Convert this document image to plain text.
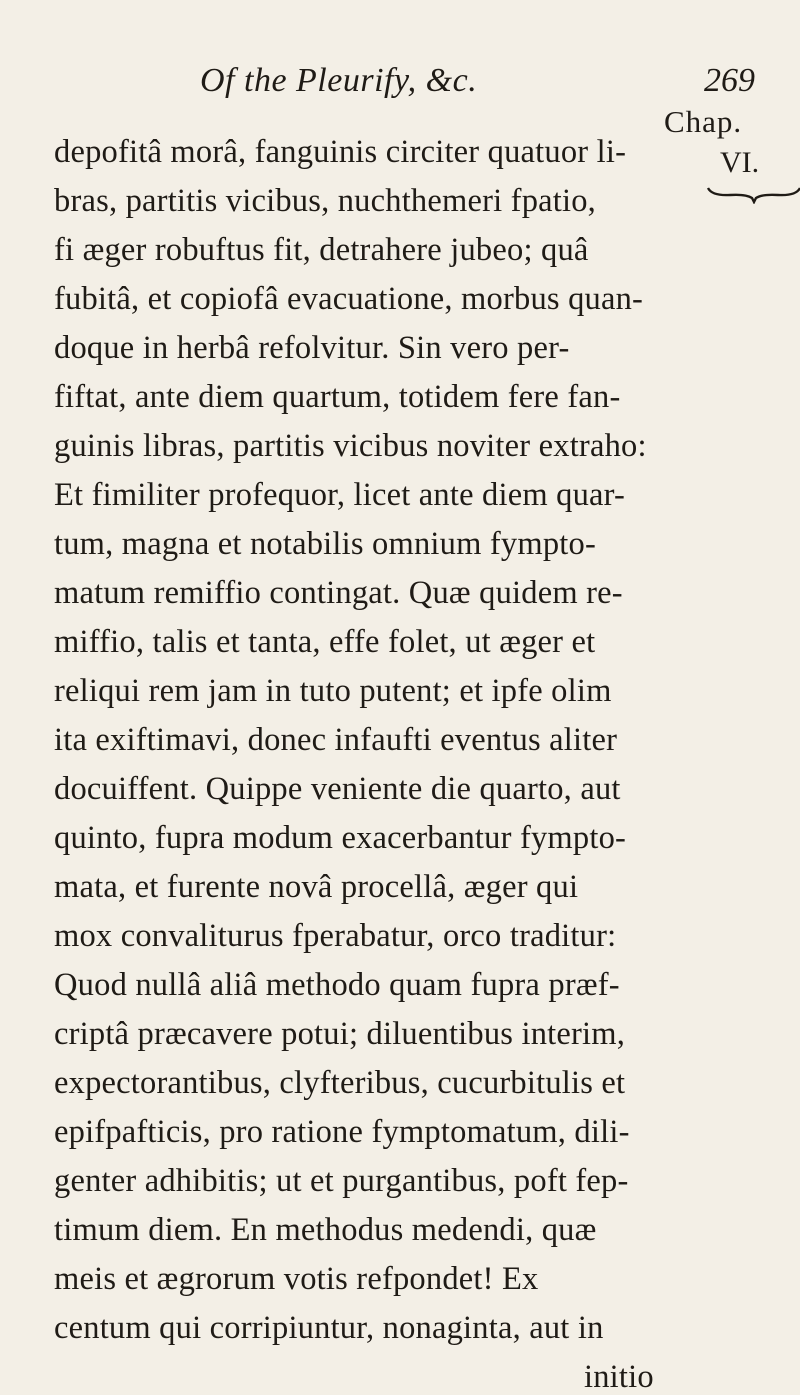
Of the Pleurify, &c.	269
Chap.
VI.
depofitâ morâ, fanguinis circiter quatuor li-
bras, partitis vicibus, nuchthemeri fpatio,
fi æger robuftus fit, detrahere jubeo; quâ
fubitâ, et copiofâ evacuatione, morbus quan-
doque in herbâ refolvitur. Sin vero per-
fiftat, ante diem quartum, totidem fere fan-
guinis libras, partitis vicibus noviter extraho:
Et fimiliter profequor, licet ante diem quar-
tum, magna et notabilis omnium fympto-
matum remiffio contingat. Quæ quidem re-
miffio, talis et tanta, effe folet, ut æger et
reliqui rem jam in tuto putent; et ipfe olim
ita exiftimavi, donec infaufti eventus aliter
docuiffent. Quippe veniente die quarto, aut
quinto, fupra modum exacerbantur fympto-
mata, et furente novâ procellâ, æger qui
mox convaliturus fperabatur, orco traditur:
Quod nullâ aliâ methodo quam fupra præf-
criptâ præcavere potui; diluentibus interim,
expectorantibus, clyfteribus, cucurbitulis et
epifpafticis, pro ratione fymptomatum, dili-
genter adhibitis; ut et purgantibus, poft fep-
timum diem. En methodus medendi, quæ
meis et ægrorum votis refpondet! Ex
centum qui corripiuntur, nonaginta, aut in
initio
